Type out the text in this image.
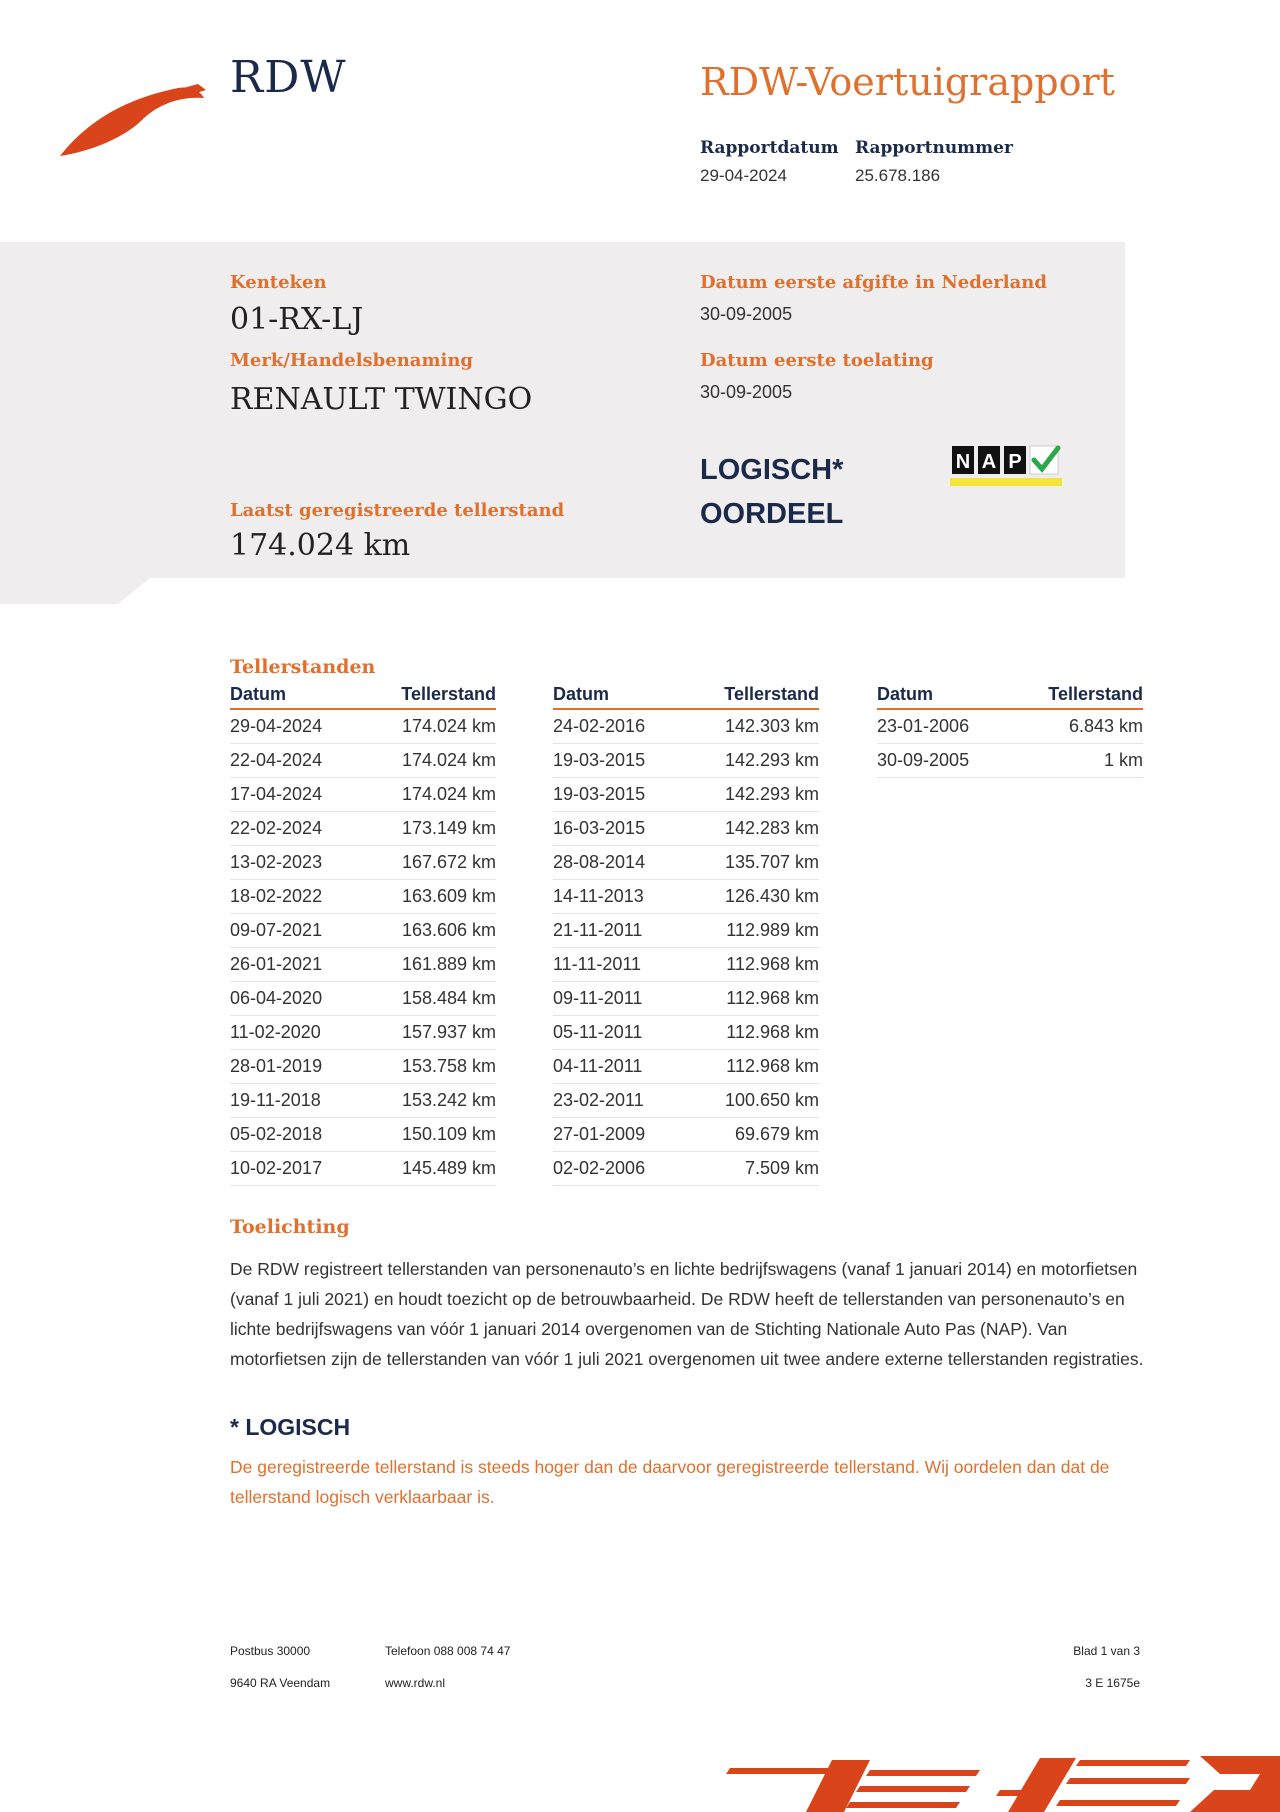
RDW	RDW-Voertuigrapport
Rapportdatum
29-04-2024
Rapportnummer
25.678.186
Kenteken
01-RX-LJ
Merk/Handelsbenaming
RENAULT TWINGO
Laatst geregistreerde tellerstand
174.024 km
Datum eerste afgifte in Nederland
30-09-2005
Datum eerste toelating
30-09-2005
LOGISCH*
OORDEEL
N A P
Tellerstanden
Datum	Tellerstand
29-04-2024	174.024 km
22-04-2024	174.024 km
17-04-2024	174.024 km
22-02-2024	173.149 km
13-02-2023	167.672 km
18-02-2022	163.609 km
09-07-2021	163.606 km
26-01-2021	161.889 km
06-04-2020	158.484 km
11-02-2020	157.937 km
28-01-2019	153.758 km
19-11-2018	153.242 km
05-02-2018	150.109 km
10-02-2017	145.489 km
Datum	Tellerstand
24-02-2016	142.303 km
19-03-2015	142.293 km
19-03-2015	142.293 km
16-03-2015	142.283 km
28-08-2014	135.707 km
14-11-2013	126.430 km
21-11-2011	112.989 km
11-11-2011	112.968 km
09-11-2011	112.968 km
05-11-2011	112.968 km
04-11-2011	112.968 km
23-02-2011	100.650 km
27-01-2009	69.679 km
02-02-2006	7.509 km
Datum	Tellerstand
23-01-2006	6.843 km
30-09-2005	1 km
Toelichting
De RDW registreert tellerstanden van personenauto’s en lichte bedrijfswagens (vanaf 1 januari 2014) en motorfietsen (vanaf 1 juli 2021) en houdt toezicht op de betrouwbaarheid. De RDW heeft de tellerstanden van personenauto’s en lichte bedrijfswagens van vóór 1 januari 2014 overgenomen van de Stichting Nationale Auto Pas (NAP). Van motorfietsen zijn de tellerstanden van vóór 1 juli 2021 overgenomen uit twee andere externe tellerstanden registraties.
* LOGISCH
De geregistreerde tellerstand is steeds hoger dan de daarvoor geregistreerde tellerstand. Wij oordelen dan dat de tellerstand logisch verklaarbaar is.
Postbus 30000
9640 RA Veendam
Telefoon 088 008 74 47
www.rdw.nl
Blad 1 van 3
3 E 1675e
